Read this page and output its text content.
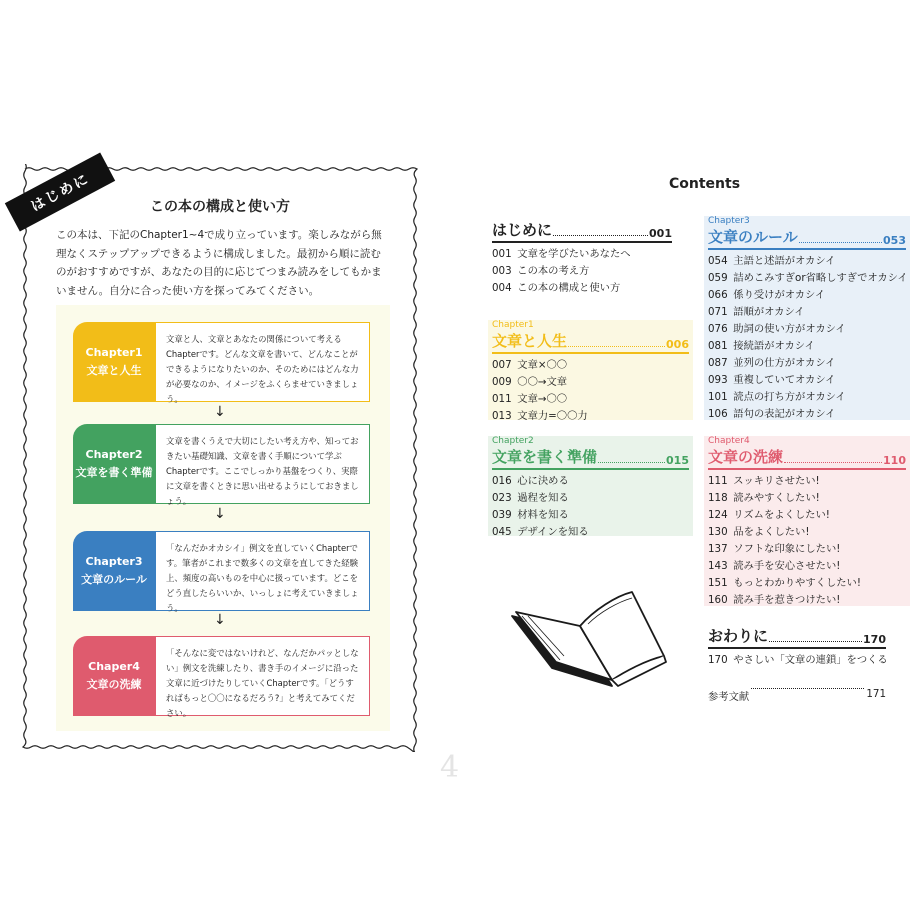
はじめに	この本の構成と使い方
この本は、下記のChapter1~4で成り立っています。楽しみながら無理なくステップアップできるように構成しました。最初から順に読むのがおすすめですが、あなたの目的に応じてつまみ読みをしてもかまいません。自分に合った使い方を探ってみてください。
Chapter1
文章と人生
文章と人、文章とあなたの関係について考えるChapterです。どんな文章を書いて、どんなことができるようになりたいのか、そのためにはどんな力が必要なのか、イメージをふくらませていきましょう。
↓
Chapter2
文章を書く準備
文章を書くうえで大切にしたい考え方や、知っておきたい基礎知識、文章を書く手順について学ぶChapterです。ここでしっかり基盤をつくり、実際に文章を書くときに思い出せるようにしておきましょう。
↓
Chapter3
文章のルール
「なんだかオカシイ」例文を直していくChapterです。筆者がこれまで数多くの文章を直してきた経験上、頻度の高いものを中心に扱っています。どこをどう直したらいいか、いっしょに考えていきましょう。
↓
Chaper4
文章の洗練
「そんなに変ではないけれど、なんだかパッとしない」例文を洗練したり、書き手のイメージに沿った文章に近づけたりしていくChapterです。「どうすればもっと〇〇になるだろう?」と考えてみてください。
4
Contents
はじめに	001
001 文章を学びたいあなたへ
003 この本の考え方
004 この本の構成と使い方
Chapter1
文章と人生	006
007 文章×〇〇
009 〇〇→文章
011 文章→〇〇
013 文章力=〇〇力
Chapter2
文章を書く準備	015
016 心に決める
023 過程を知る
039 材料を知る
045 デザインを知る
Chapter3
文章のルール	053
054 主語と述語がオカシイ
059 詰めこみすぎor省略しすぎでオカシイ
066 係り受けがオカシイ
071 語順がオカシイ
076 助詞の使い方がオカシイ
081 接続語がオカシイ
087 並列の仕方がオカシイ
093 重複していてオカシイ
101 読点の打ち方がオカシイ
106 語句の表記がオカシイ
Chapter4
文章の洗練	110
111 スッキリさせたい!
118 読みやすくしたい!
124 リズムをよくしたい!
130 品をよくしたい!
137 ソフトな印象にしたい!
143 読み手を安心させたい!
151 もっとわかりやすくしたい!
160 読み手を惹きつけたい!
おわりに	170
170 やさしい「文章の連鎖」をつくる
参考文献	171
